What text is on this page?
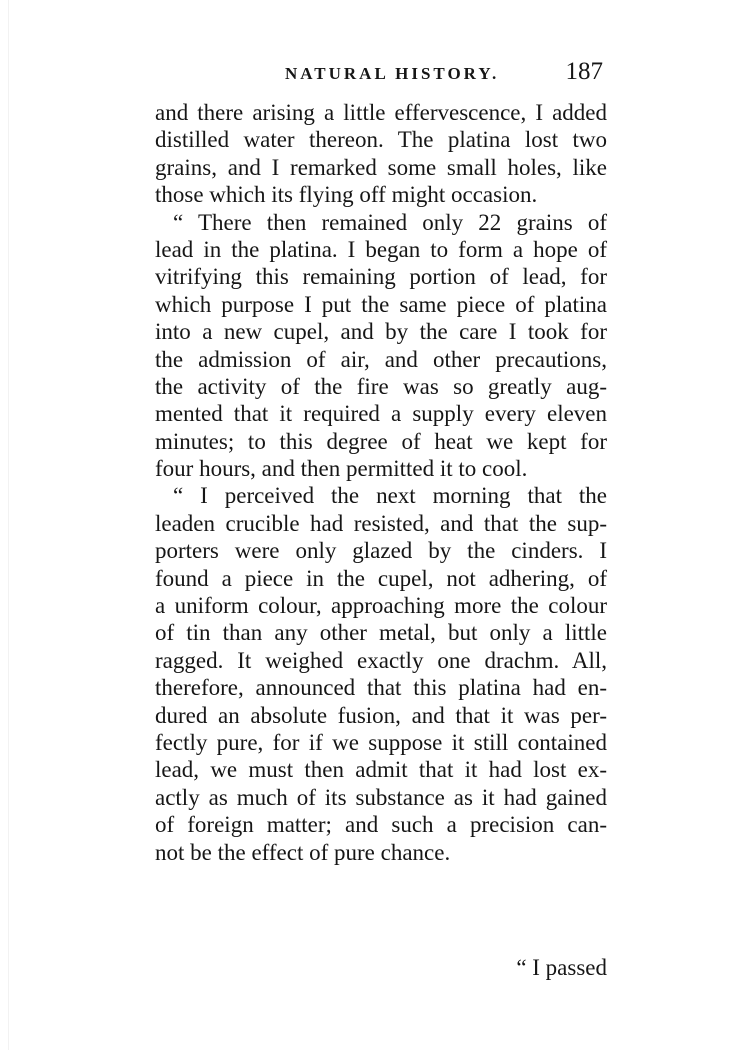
NATURAL HISTORY.	187
and there arising a little effervescence, I added
distilled water thereon. The platina lost two
grains, and I remarked some small holes, like
those which its flying off might occasion.
“ There then remained only 22 grains of
lead in the platina. I began to form a hope of
vitrifying this remaining portion of lead, for
which purpose I put the same piece of platina
into a new cupel, and by the care I took for
the admission of air, and other precautions,
the activity of the fire was so greatly aug-
mented that it required a supply every eleven
minutes; to this degree of heat we kept for
four hours, and then permitted it to cool.
“ I perceived the next morning that the
leaden crucible had resisted, and that the sup-
porters were only glazed by the cinders. I
found a piece in the cupel, not adhering, of
a uniform colour, approaching more the colour
of tin than any other metal, but only a little
ragged. It weighed exactly one drachm. All,
therefore, announced that this platina had en-
dured an absolute fusion, and that it was per-
fectly pure, for if we suppose it still contained
lead, we must then admit that it had lost ex-
actly as much of its substance as it had gained
of foreign matter; and such a precision can-
not be the effect of pure chance.
“ I passed
